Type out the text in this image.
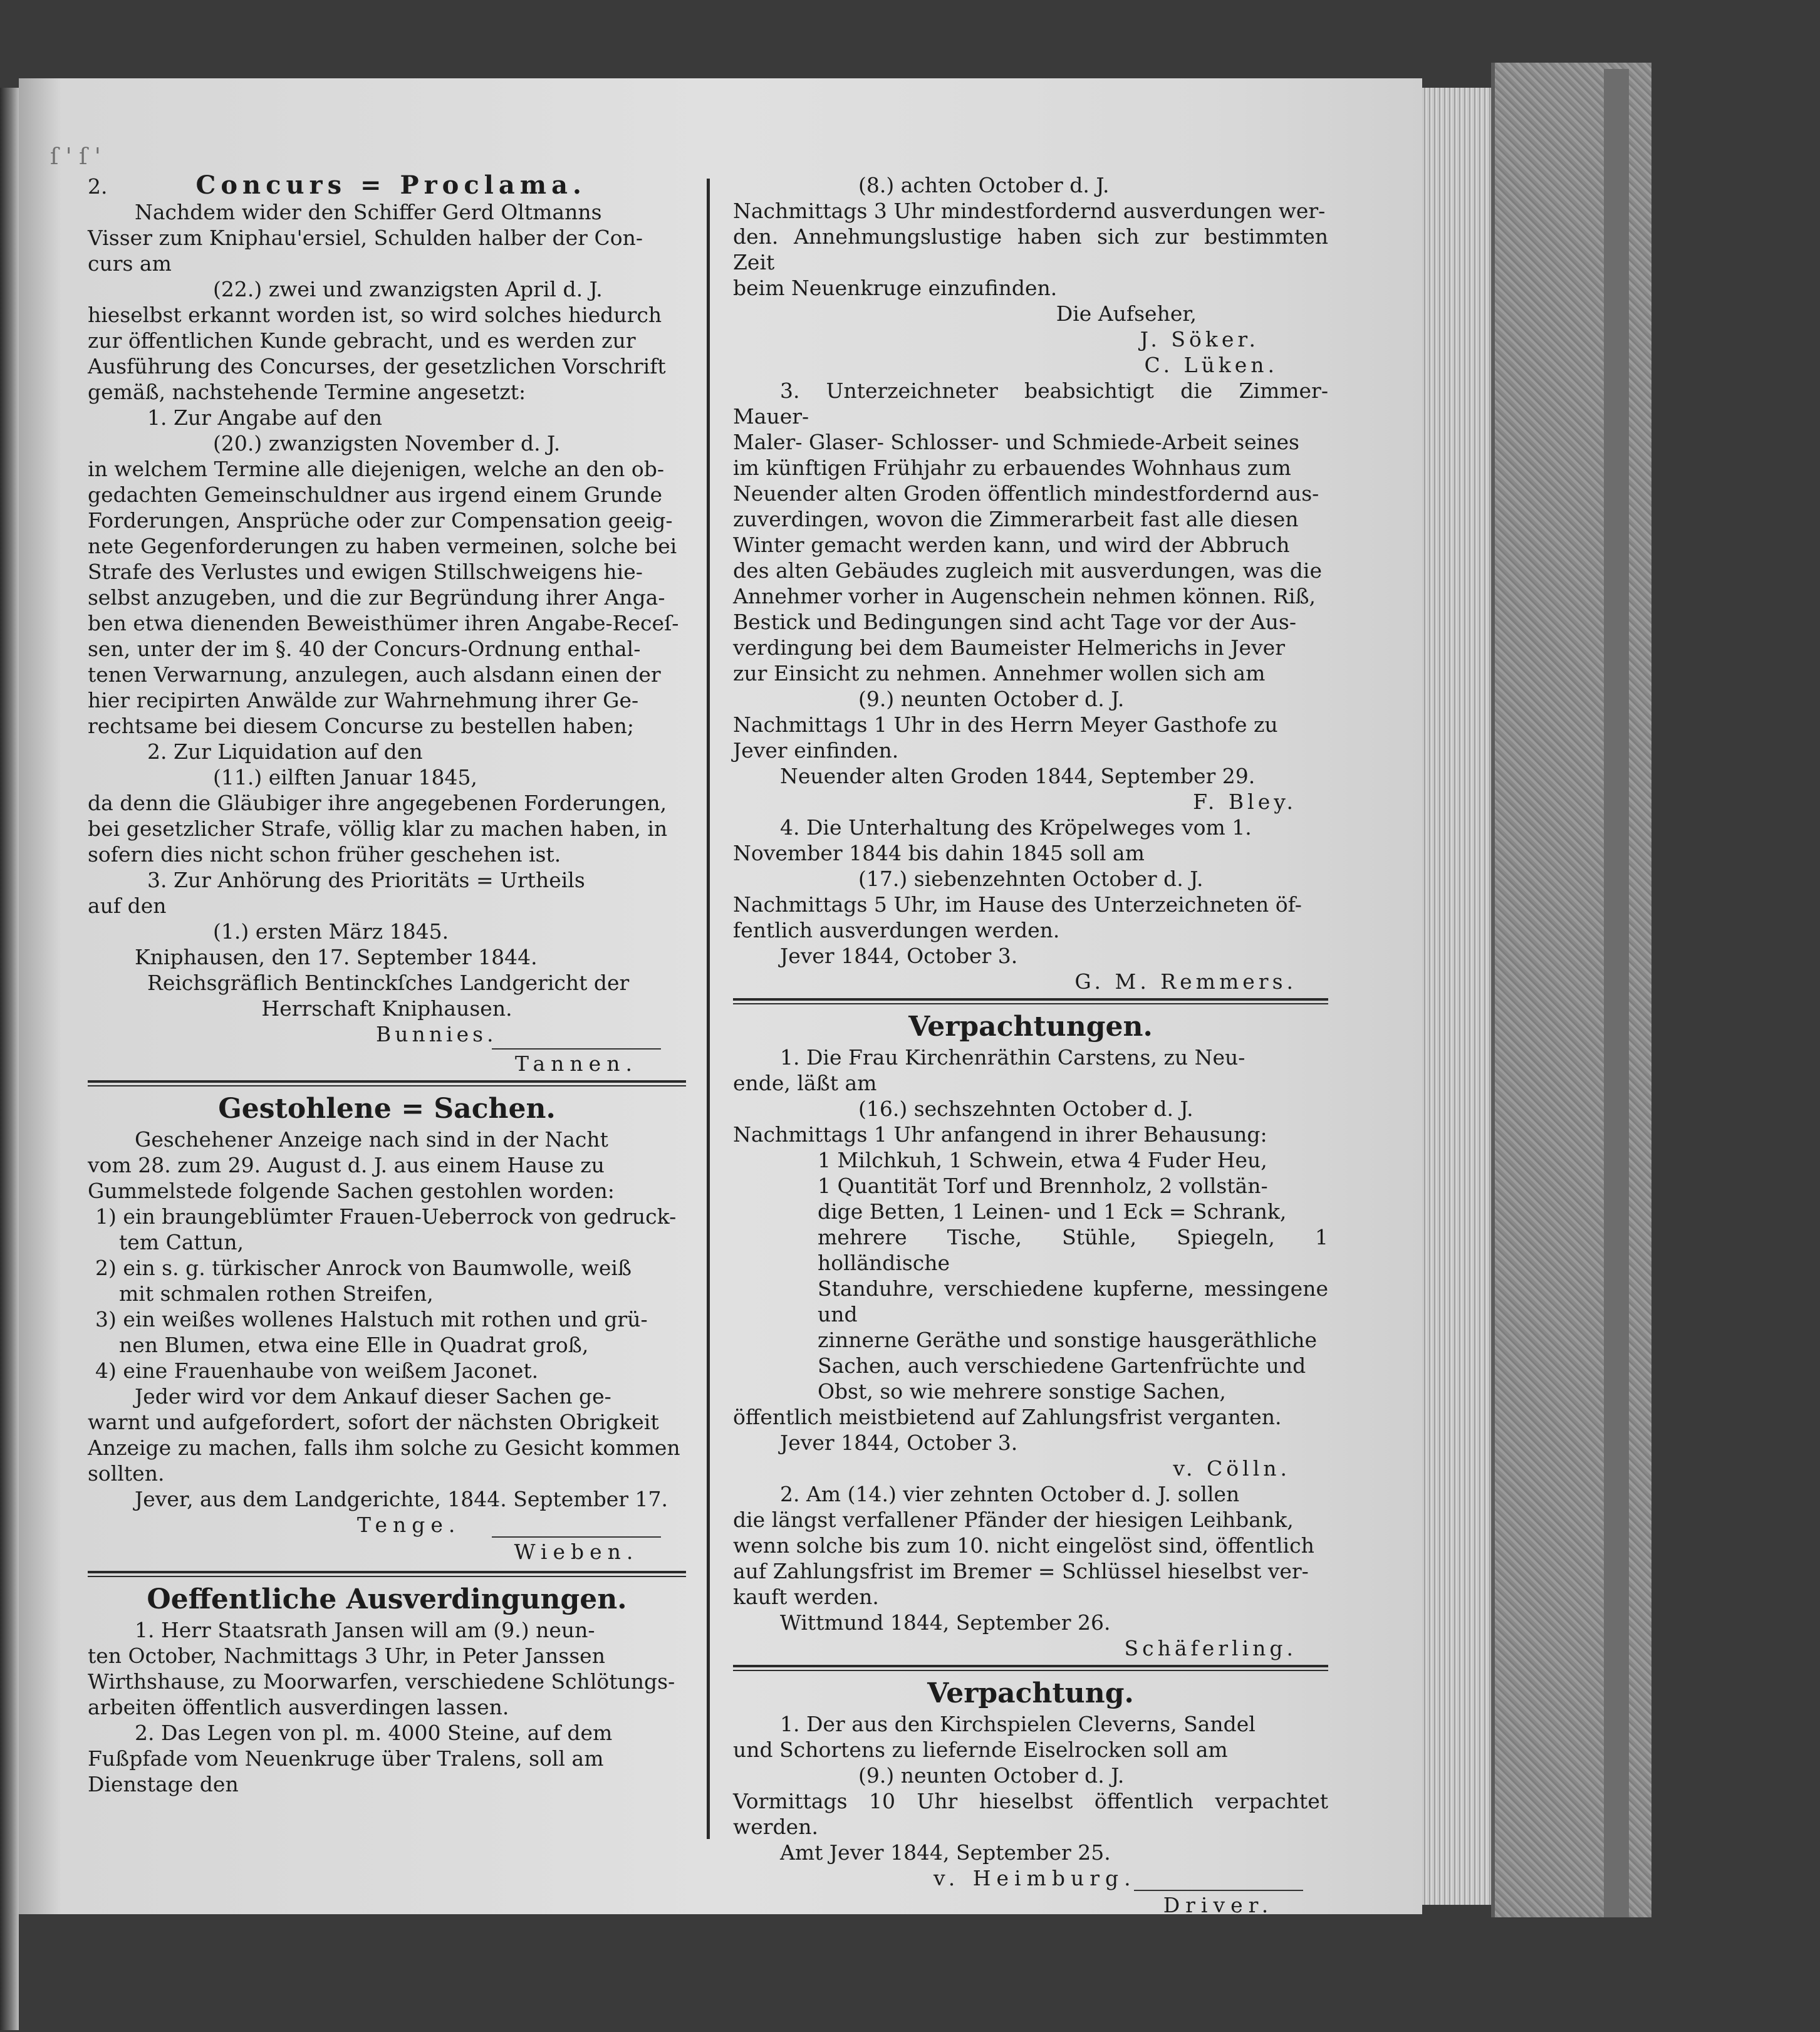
ſ ' ſ '

2.	Concurs = Proclama.

Nachdem wider den Schiffer Gerd Oltmanns

Visser zum Kniphau'ersiel, Schulden halber der Con-

curs am

(22.) zwei und zwanzigsten April d. J.

hieselbst erkannt worden ist, so wird solches hiedurch

zur öffentlichen Kunde gebracht, und es werden zur

Ausführung des Concurses, der gesetzlichen Vorschrift

gemäß, nachstehende Termine angesetzt:

1. Zur Angabe auf den

(20.) zwanzigsten November d. J.

in welchem Termine alle diejenigen, welche an den ob-

gedachten Gemeinschuldner aus irgend einem Grunde

Forderungen, Ansprüche oder zur Compensation geeig-

nete Gegenforderungen zu haben vermeinen, solche bei

Strafe des Verlustes und ewigen Stillschweigens hie-

selbst anzugeben, und die zur Begründung ihrer Anga-

ben etwa dienenden Beweisthümer ihren Angabe-Receſ-

sen, unter der im §. 40 der Concurs-Ordnung enthal-

tenen Verwarnung, anzulegen, auch alsdann einen der

hier recipirten Anwälde zur Wahrnehmung ihrer Ge-

rechtsame bei diesem Concurse zu bestellen haben;

2. Zur Liquidation auf den

(11.) eilften Januar 1845,

da denn die Gläubiger ihre angegebenen Forderungen,

bei gesetzlicher Strafe, völlig klar zu machen haben, in

sofern dies nicht schon früher geschehen ist.

3. Zur Anhörung des Prioritäts = Urtheils

auf den

(1.) ersten März 1845.

Kniphausen, den 17. September 1844.

Reichsgräflich Bentinckſches Landgericht der

Herrschaft Kniphausen.

Bunnies.
Tannen.

Gestohlene = Sachen.

Geschehener Anzeige nach sind in der Nacht

vom 28. zum 29. August d. J. aus einem Hause zu

Gummelstede folgende Sachen gestohlen worden:

1) ein braungeblümter Frauen-Ueberrock von gedruck-

tem Cattun,

2) ein s. g. türkischer Anrock von Baumwolle, weiß

mit schmalen rothen Streifen,

3) ein weißes wollenes Halstuch mit rothen und grü-

nen Blumen, etwa eine Elle in Quadrat groß,

4) eine Frauenhaube von weißem Jaconet.

Jeder wird vor dem Ankauf dieser Sachen ge-

warnt und aufgefordert, sofort der nächsten Obrigkeit

Anzeige zu machen, falls ihm solche zu Gesicht kommen

sollten.

Jever, aus dem Landgerichte, 1844. September 17.

Tenge.
Wieben.

Oeffentliche Ausverdingungen.

1. Herr Staatsrath Jansen will am (9.) neun-

ten October, Nachmittags 3 Uhr, in Peter Janssen

Wirthshause, zu Moorwarfen, verschiedene Schlötungs-

arbeiten öffentlich ausverdingen lassen.

2. Das Legen von pl. m. 4000 Steine, auf dem

Fußpfade vom Neuenkruge über Tralens, soll am

Dienstage den

(8.) achten October d. J.

Nachmittags 3 Uhr mindestfordernd ausverdungen wer-

den. Annehmungslustige haben sich zur bestimmten Zeit

beim Neuenkruge einzufinden.

Die Aufseher,

J. Söker.

C. Lüken.

3. Unterzeichneter beabsichtigt die Zimmer- Mauer-

Maler- Glaser- Schlosser- und Schmiede-Arbeit seines

im künftigen Frühjahr zu erbauendes Wohnhaus zum

Neuender alten Groden öffentlich mindestfordernd aus-

zuverdingen, wovon die Zimmerarbeit fast alle diesen

Winter gemacht werden kann, und wird der Abbruch

des alten Gebäudes zugleich mit ausverdungen, was die

Annehmer vorher in Augenschein nehmen können. Riß,

Bestick und Bedingungen sind acht Tage vor der Aus-

verdingung bei dem Baumeister Helmerichs in Jever

zur Einsicht zu nehmen. Annehmer wollen sich am

(9.) neunten October d. J.

Nachmittags 1 Uhr in des Herrn Meyer Gasthofe zu

Jever einfinden.

Neuender alten Groden 1844, September 29.

F. Bley.

4. Die Unterhaltung des Kröpelweges vom 1.

November 1844 bis dahin 1845 soll am

(17.) siebenzehnten October d. J.

Nachmittags 5 Uhr, im Hause des Unterzeichneten öf-

fentlich ausverdungen werden.

Jever 1844, October 3.

G. M. Remmers.

Verpachtungen.

1. Die Frau Kirchenräthin Carstens, zu Neu-

ende, läßt am

(16.) sechszehnten October d. J.

Nachmittags 1 Uhr anfangend in ihrer Behausung:

1 Milchkuh, 1 Schwein, etwa 4 Fuder Heu,

1 Quantität Torf und Brennholz, 2 vollstän-

dige Betten, 1 Leinen- und 1 Eck = Schrank,

mehrere Tische, Stühle, Spiegeln, 1 holländische

Standuhre, verschiedene kupferne, messingene und

zinnerne Geräthe und sonstige hausgeräthliche

Sachen, auch verschiedene Gartenfrüchte und

Obst, so wie mehrere sonstige Sachen,

öffentlich meistbietend auf Zahlungsfrist verganten.

Jever 1844, October 3.

v. Cölln.

2. Am (14.) vier zehnten October d. J. sollen

die längst verfallener Pfänder der hiesigen Leihbank,

wenn solche bis zum 10. nicht eingelöst sind, öffentlich

auf Zahlungsfrist im Bremer = Schlüssel hieselbst ver-

kauft werden.

Wittmund 1844, September 26.

Schäferling.

Verpachtung.

1. Der aus den Kirchspielen Cleverns, Sandel

und Schortens zu liefernde Eiselrocken soll am

(9.) neunten October d. J.

Vormittags 10 Uhr hieselbst öffentlich verpachtet werden.

Amt Jever 1844, September 25.

v. Heimburg.
Driver.
